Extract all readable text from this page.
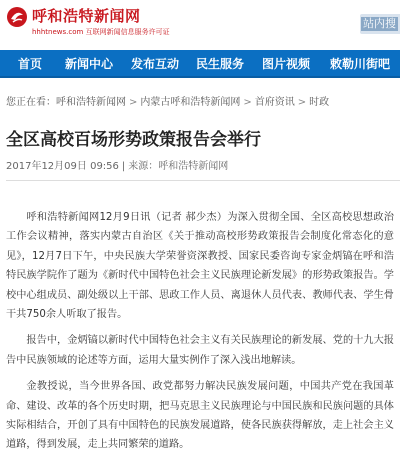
呼和浩特新闻网
hhhtnews.com 互联网新闻信息服务许可证
站内搜
首页 新闻中心 发布互动 民生服务 图片视频 敕勒川街吧
您正在看：呼和浩特新闻网 > 内蒙古呼和浩特新闻网 > 首府资讯 > 时政
全区高校百场形势政策报告会举行
2017年12月09日 09:56 | 来源：呼和浩特新闻网

呼和浩特新闻网12月9日讯（记者 郝少杰）为深入贯彻全国、全区高校思想政治工作会议精神，落实内蒙古自治区《关于推动高校形势政策报告会制度化常态化的意见》，12月7日下午，中央民族大学荣誉资深教授、国家民委咨询专家金炳镐在呼和浩特民族学院作了题为《新时代中国特色社会主义民族理论新发展》的形势政策报告。学校中心组成员、副处级以上干部、思政工作人员、离退休人员代表、教师代表、学生骨干共750余人听取了报告。

报告中，金炳镐以新时代中国特色社会主义有关民族理论的新发展、党的十九大报告中民族领域的论述等方面，运用大量实例作了深入浅出地解读。

金教授说，当今世界各国、政党都努力解决民族发展问题，中国共产党在我国革命、建设、改革的各个历史时期，把马克思主义民族理论与中国民族和民族问题的具体实际相结合，开创了具有中国特色的民族发展道路，使各民族获得解放，走上社会主义道路，得到发展，走上共同繁荣的道路。
